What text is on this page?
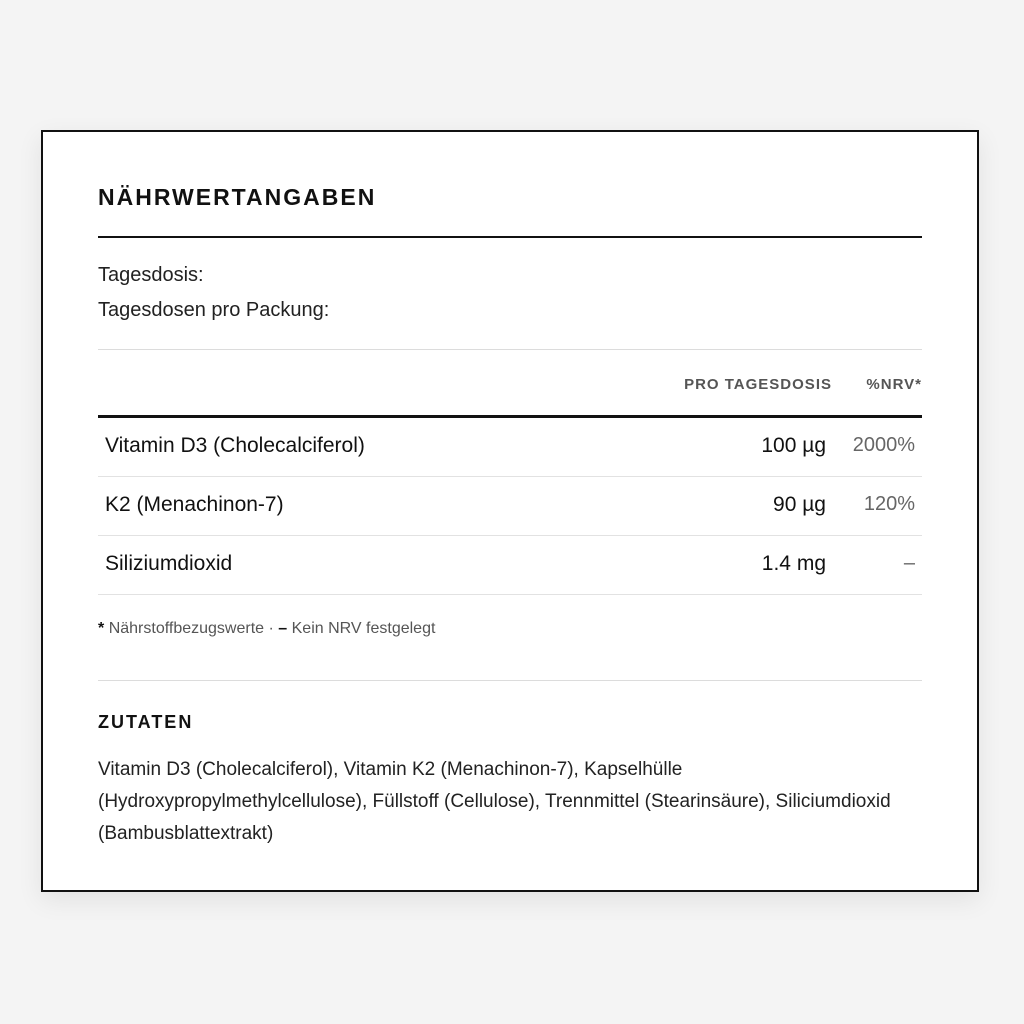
NÄHRWERTANGABEN
Tagesdosis:
Tagesdosen pro Packung:
PRO TAGESDOSIS %NRV*
Vitamin D3 (Cholecalciferol)	100 µg 2000%
K2 (Menachinon-7)	90 µg 120%
Siliziumdioxid	1.4 mg	–
* Nährstoffbezugswerte · – Kein NRV festgelegt
ZUTATEN
Vitamin D3 (Cholecalciferol), Vitamin K2 (Menachinon-7), Kapselhülle (Hydroxypropylmethylcellulose), Füllstoff (Cellulose), Trennmittel (Stearinsäure), Siliciumdioxid (Bambusblattextrakt)
